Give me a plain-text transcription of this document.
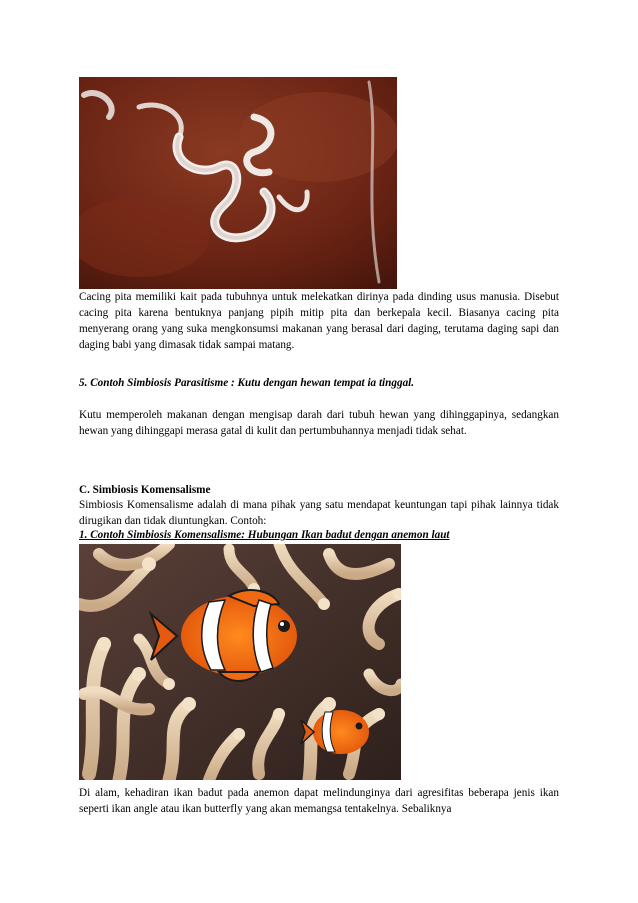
Cacing pita memiliki kait pada tubuhnya untuk melekatkan dirinya pada dinding usus manusia. Disebut cacing pita karena bentuknya panjang pipih mitip pita dan berkepala kecil. Biasanya cacing pita menyerang orang yang suka mengkonsumsi makanan yang berasal dari daging, terutama daging sapi dan daging babi yang dimasak tidak sampai matang.

5. Contoh Simbiosis Parasitisme : Kutu dengan hewan tempat ia tinggal.

Kutu memperoleh makanan dengan mengisap darah dari tubuh hewan yang dihinggapinya, sedangkan hewan yang dihinggapi merasa gatal di kulit dan pertumbuhannya menjadi tidak sehat.

C. Simbiosis Komensalisme

Simbiosis Komensalisme adalah di mana pihak yang satu mendapat keuntungan tapi pihak lainnya tidak dirugikan dan tidak diuntungkan. Contoh:

1. Contoh Simbiosis Komensalisme: Hubungan Ikan badut dengan anemon laut

Di alam, kehadiran ikan badut pada anemon dapat melindunginya dari agresifitas beberapa jenis ikan seperti ikan angle atau ikan butterfly yang akan memangsa tentakelnya. Sebaliknya
